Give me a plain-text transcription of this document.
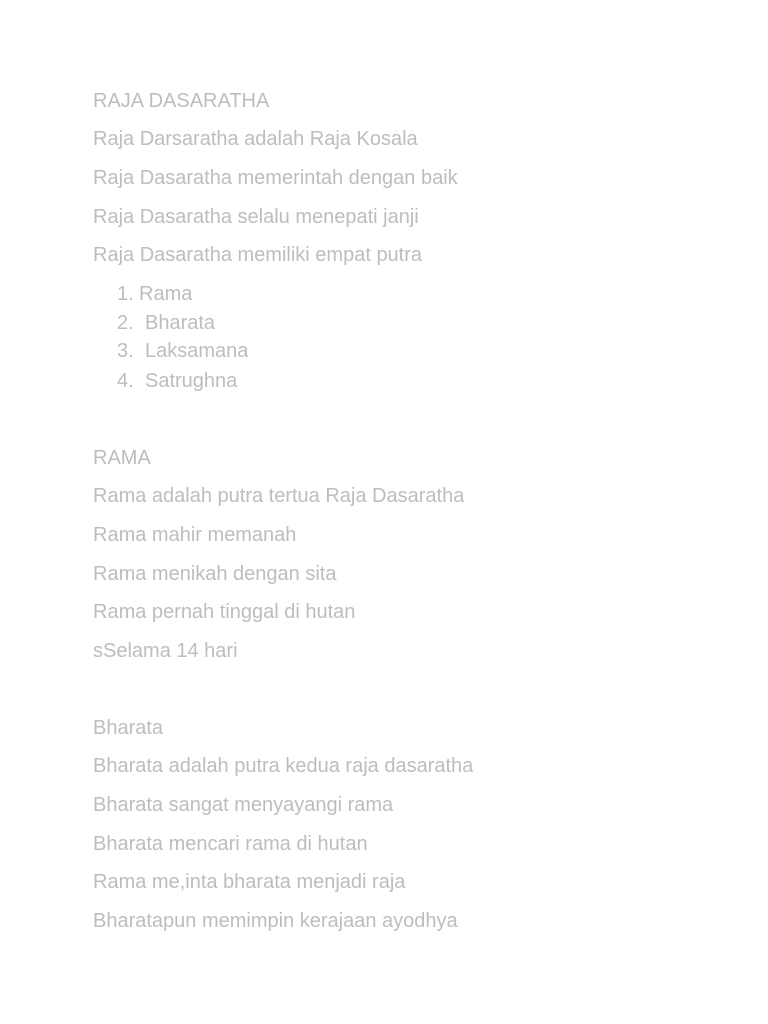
RAJA DASARATHA
Raja Darsaratha adalah Raja Kosala
Raja Dasaratha memerintah dengan baik
Raja Dasaratha selalu menepati janji
Raja Dasaratha memiliki empat putra
1. Rama
2. Bharata
3. Laksamana
4. Satrughna
RAMA
Rama adalah putra tertua Raja Dasaratha
Rama mahir memanah
Rama menikah dengan sita
Rama pernah tinggal di hutan
sSelama 14 hari
Bharata
Bharata adalah putra kedua raja dasaratha
Bharata sangat menyayangi rama
Bharata mencari rama di hutan
Rama me,inta bharata menjadi raja
Bharatapun memimpin kerajaan ayodhya
